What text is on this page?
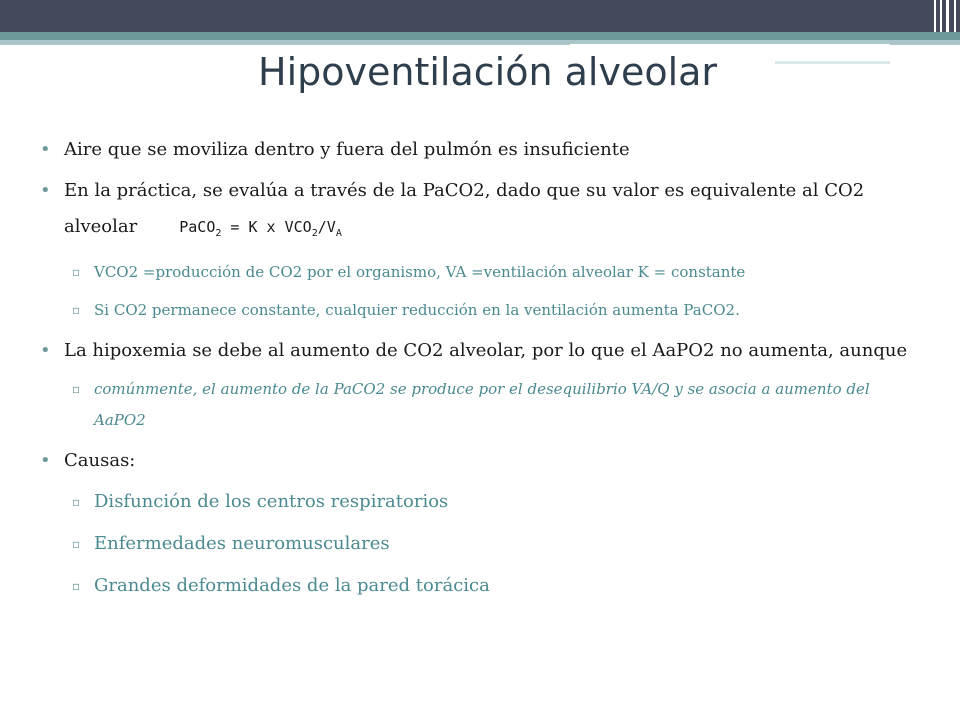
Hipoventilación alveolar
• Aire que se moviliza dentro y fuera del pulmón es insuficiente
• En la práctica, se evalúa a través de la PaCO2, dado que su valor es equivalente al CO2 alveolar	PaCO$_2$ = K x $VCO_2/V_A$
▫ VCO2 =producción de CO2 por el organismo, VA =ventilación alveolar K = constante
▫ Si CO2 permanece constante, cualquier reducción en la ventilación aumenta PaCO2.
• La hipoxemia se debe al aumento de CO2 alveolar, por lo que el AaPO2 no aumenta, aunque
▫ comúnmente, el aumento de la PaCO2 se produce por el desequilibrio VA/Q y se asocia a aumento del AaPO2
• Causas:
▫ Disfunción de los centros respiratorios
▫ Enfermedades neuromusculares
▫ Grandes deformidades de la pared torácica
